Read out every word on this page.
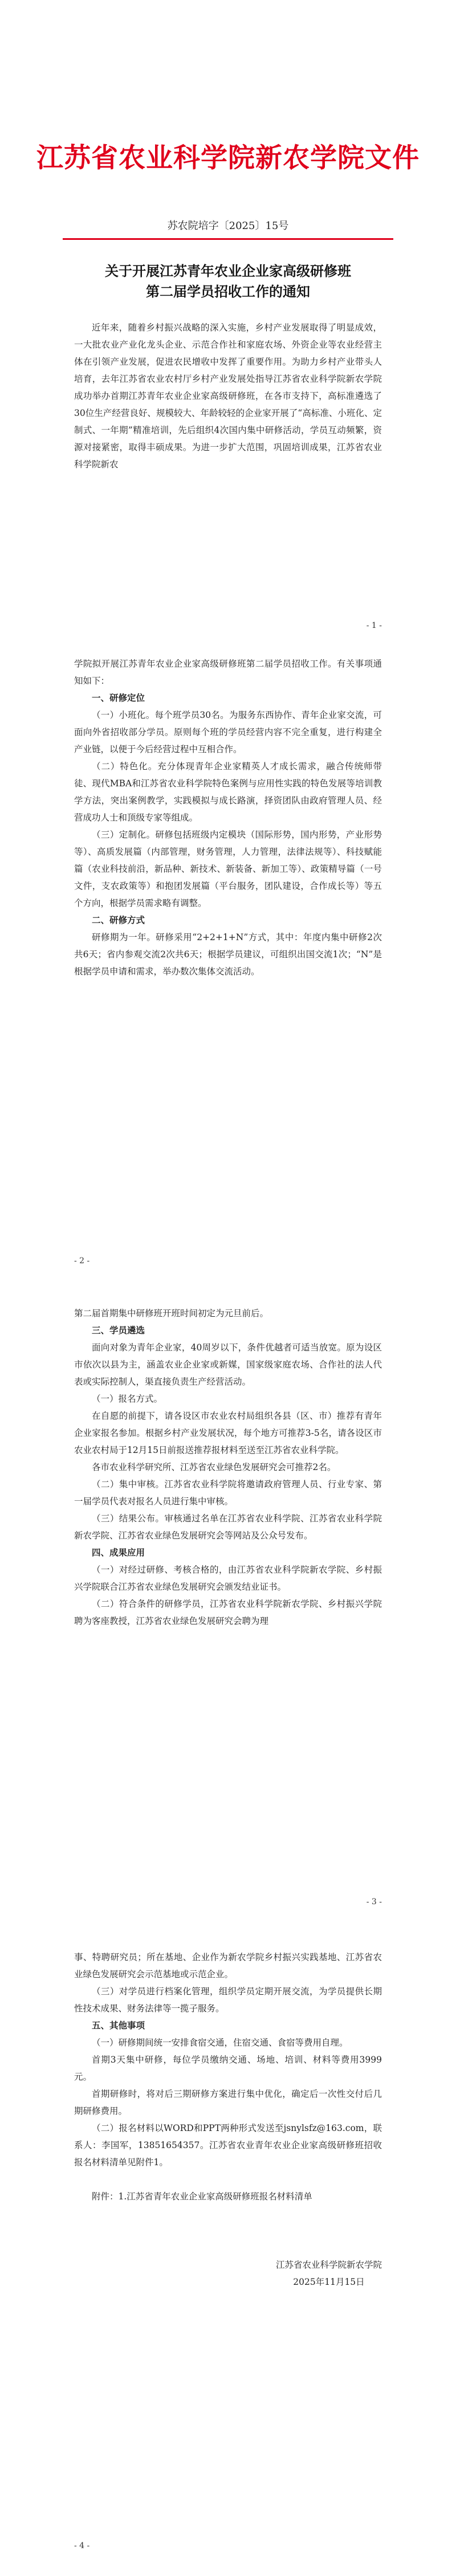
江苏省农业科学院新农学院文件
苏农院培字〔2025〕15号
关于开展江苏青年农业企业家高级研修班
第二届学员招收工作的通知

近年来，随着乡村振兴战略的深入实施，乡村产业发展取得了明显成效，一大批农业产业化龙头企业、示范合作社和家庭农场、外资企业等农业经营主体在引领产业发展，促进农民增收中发挥了重要作用。为助力乡村产业带头人培育，去年江苏省农业农村厅乡村产业发展处指导江苏省农业科学院新农学院成功举办首期江苏青年农业企业家高级研修班，在各市支持下，高标准遴选了30位生产经营良好、规模较大、年龄较轻的企业家开展了“高标准、小班化、定制式、一年期”精准培训，先后组织4次国内集中研修活动，学员互动频繁，资源对接紧密，取得丰硕成果。为进一步扩大范围，巩固培训成果，江苏省农业科学院新农

- 1 -

学院拟开展江苏青年农业企业家高级研修班第二届学员招收工作。有关事项通知如下：

一、研修定位

（一）小班化。每个班学员30名。为服务东西协作、青年企业家交流，可面向外省招收部分学员。原则每个班的学员经营内容不完全重复，进行构建全产业链，以便于今后经营过程中互相合作。

（二）特色化。充分体现青年企业家精英人才成长需求，融合传统师带徒、现代MBA和江苏省农业科学院特色案例与应用性实践的特色发展等培训教学方法，突出案例教学，实践模拟与成长路演，择资团队由政府管理人员、经营成功人士和顶级专家等组成。

（三）定制化。研修包括班级内定模块（国际形势，国内形势，产业形势等）、高质发展篇（内部管理，财务管理，人力管理，法律法规等）、科技赋能篇（农业科技前沿，新品种、新技术、新装备、新加工等）、政策精导篇（一号文件，支农政策等）和抱团发展篇（平台服务，团队建设，合作成长等）等五个方向，根据学员需求略有调整。

二、研修方式

研修期为一年。研修采用“2+2+1+N”方式，其中：年度内集中研修2次共6天；省内参观交流2次共6天；根据学员建议，可组织出国交流1次；“N”是根据学员申请和需求，举办数次集体交流活动。

- 2 -

第二届首期集中研修班开班时间初定为元旦前后。

三、学员遴选

面向对象为青年企业家，40周岁以下，条件优越者可适当放宽。原为设区市依次以县为主，涵盖农业企业家或新媒，国家级家庭农场、合作社的法人代表或实际控制人，渠直接负责生产经营活动。

（一）报名方式。

在自愿的前提下，请各设区市农业农村局组织各县（区、市）推荐有青年企业家报名参加。根据乡村产业发展状况，每个地方可推荐3-5名，请各设区市农业农村局于12月15日前报送推荐报材料至送至江苏省农业科学院。

各市农业科学研究所、江苏省农业绿色发展研究会可推荐2名。

（二）集中审核。江苏省农业科学院将邀请政府管理人员、行业专家、第一届学员代表对报名人员进行集中审核。

（三）结果公布。审核通过名单在江苏省农业科学院、江苏省农业科学院新农学院、江苏省农业绿色发展研究会等网站及公众号发布。

四、成果应用

（一）对经过研修、考核合格的，由江苏省农业科学院新农学院、乡村振兴学院联合江苏省农业绿色发展研究会颁发结业证书。

（二）符合条件的研修学员，江苏省农业科学院新农学院、乡村振兴学院聘为客座教授，江苏省农业绿色发展研究会聘为理

- 3 -

事、特聘研究员；所在基地、企业作为新农学院乡村振兴实践基地、江苏省农业绿色发展研究会示范基地或示范企业。

（三）对学员进行档案化管理，组织学员定期开展交流，为学员提供长期性技术成果、财务法律等一揽子服务。

五、其他事项

（一）研修期间统一安排食宿交通，住宿交通、食宿等费用自理。

首期3天集中研修，每位学员缴纳交通、场地、培训、材料等费用3999元。

首期研修时，将对后三期研修方案进行集中优化，确定后一次性交付后几期研修费用。

（二）报名材料以WORD和PPT两种形式发送至jsnylsfz@163.com，联系人：李国军，13851654357。江苏省农业青年农业企业家高级研修班招收报名材料清单见附件1。

附件：1.江苏省青年农业企业家高级研修班报名材料清单

江苏省农业科学院新农学院
2025年11月15日
- 4 -
